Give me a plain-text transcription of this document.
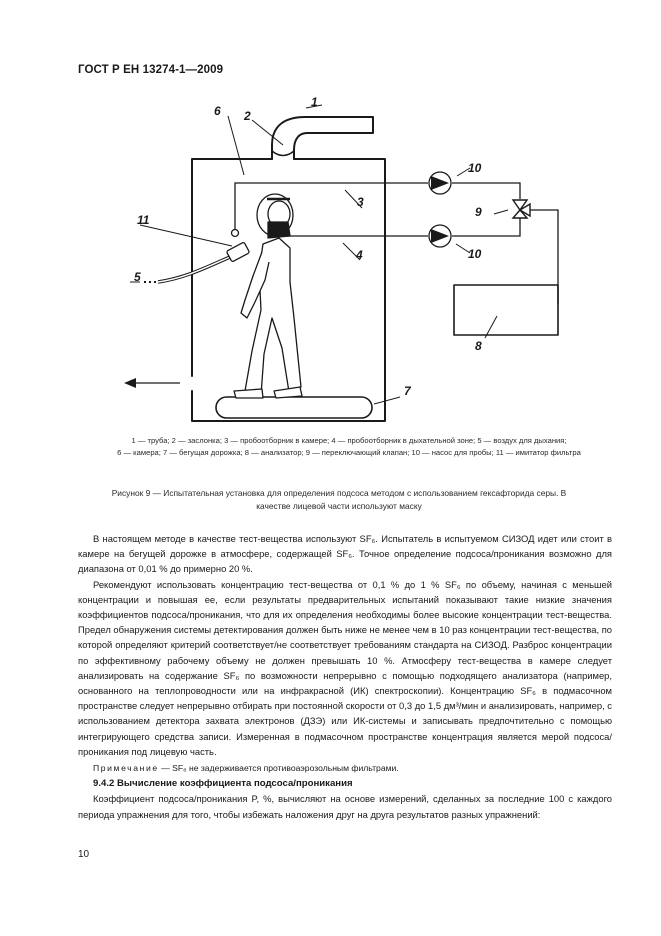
ГОСТ Р ЕН 13274-1—2009
1
2
3
4
5
6
7
8
9
10
10
11
1 — труба; 2 — заслонка; 3 — пробоотборник в камере; 4 — пробоотборник в дыхательной зоне; 5 — воздух для дыхания;
6 — камера; 7 — бегущая дорожка; 8 — анализатор; 9 — переключающий клапан; 10 — насос для пробы; 11 — имитатор фильтра
Рисунок 9 — Испытательная установка для определения подсоса методом с использованием гексафторида серы. В качестве лицевой части используют маску

В настоящем методе в качестве тест-вещества используют SF₆. Испытатель в испытуемом СИЗОД идет или стоит в камере на бегущей дорожке в атмосфере, содержащей SF₆. Точное определение подсоса/проникания возможно для диапазона от 0,01 % до примерно 20 %.

Рекомендуют использовать концентрацию тест-вещества от 0,1 % до 1 % SF₆ по объему, начиная с меньшей концентрации и повышая ее, если результаты предварительных испытаний показывают такие низкие значения коэффициентов подсоса/проникания, что для их определения необходимы более высокие концентрации тест-вещества. Предел обнаружения системы детектирования должен быть ниже не менее чем в 10 раз концентрации тест-вещества, по которой определяют критерий соответствует/не соответствует требованиям стандарта на СИЗОД. Разброс концентрации по эффективному рабочему объему не должен превышать 10 %. Атмосферу тест-вещества в камере следует анализировать на содержание SF₆ по возможности непрерывно с помощью подходящего анализатора (например, основанного на теплопроводности или на инфракрасной (ИК) спектроскопии). Концентрацию SF₆ в подмасочном пространстве следует непрерывно отбирать при постоянной скорости от 0,3 до 1,5 дм³/мин и анализировать, например, с использованием детектора захвата электронов (ДЗЭ) или ИК-системы и записывать предпочтительно с помощью интегрирующего средства записи. Измеренная в подмасочном пространстве концентрация является мерой подсоса/проникания под лицевую часть.

Примечание — SF₆ не задерживается противоаэрозольным фильтрами.

9.4.2 Вычисление коэффициента подсоса/проникания

Коэффициент подсоса/проникания P, %, вычисляют на основе измерений, сделанных за последние 100 с каждого периода упражнения для того, чтобы избежать наложения друг на друга результатов разных упражнений:

10
